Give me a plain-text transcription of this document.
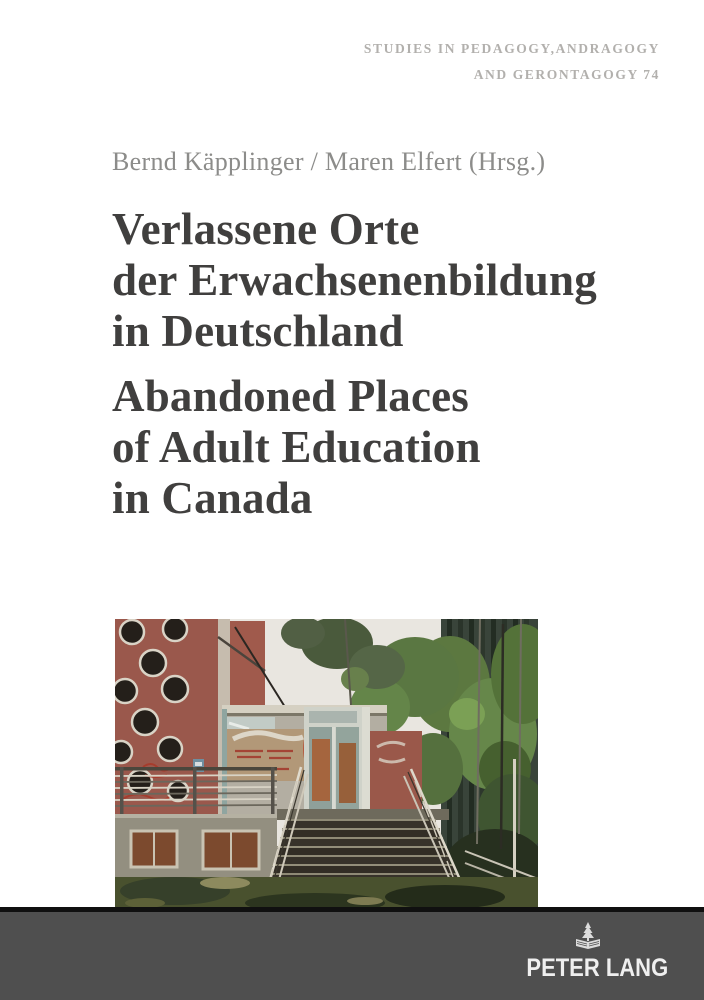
STUDIES IN PEDAGOGY,ANDRAGOGY
AND GERONTAGOGY 74
Bernd Käpplinger / Maren Elfert (Hrsg.)
Verlassene Orte
der Erwachsenenbildung
in Deutschland
Abandoned Places
of Adult Education
in Canada
PETER LANG
